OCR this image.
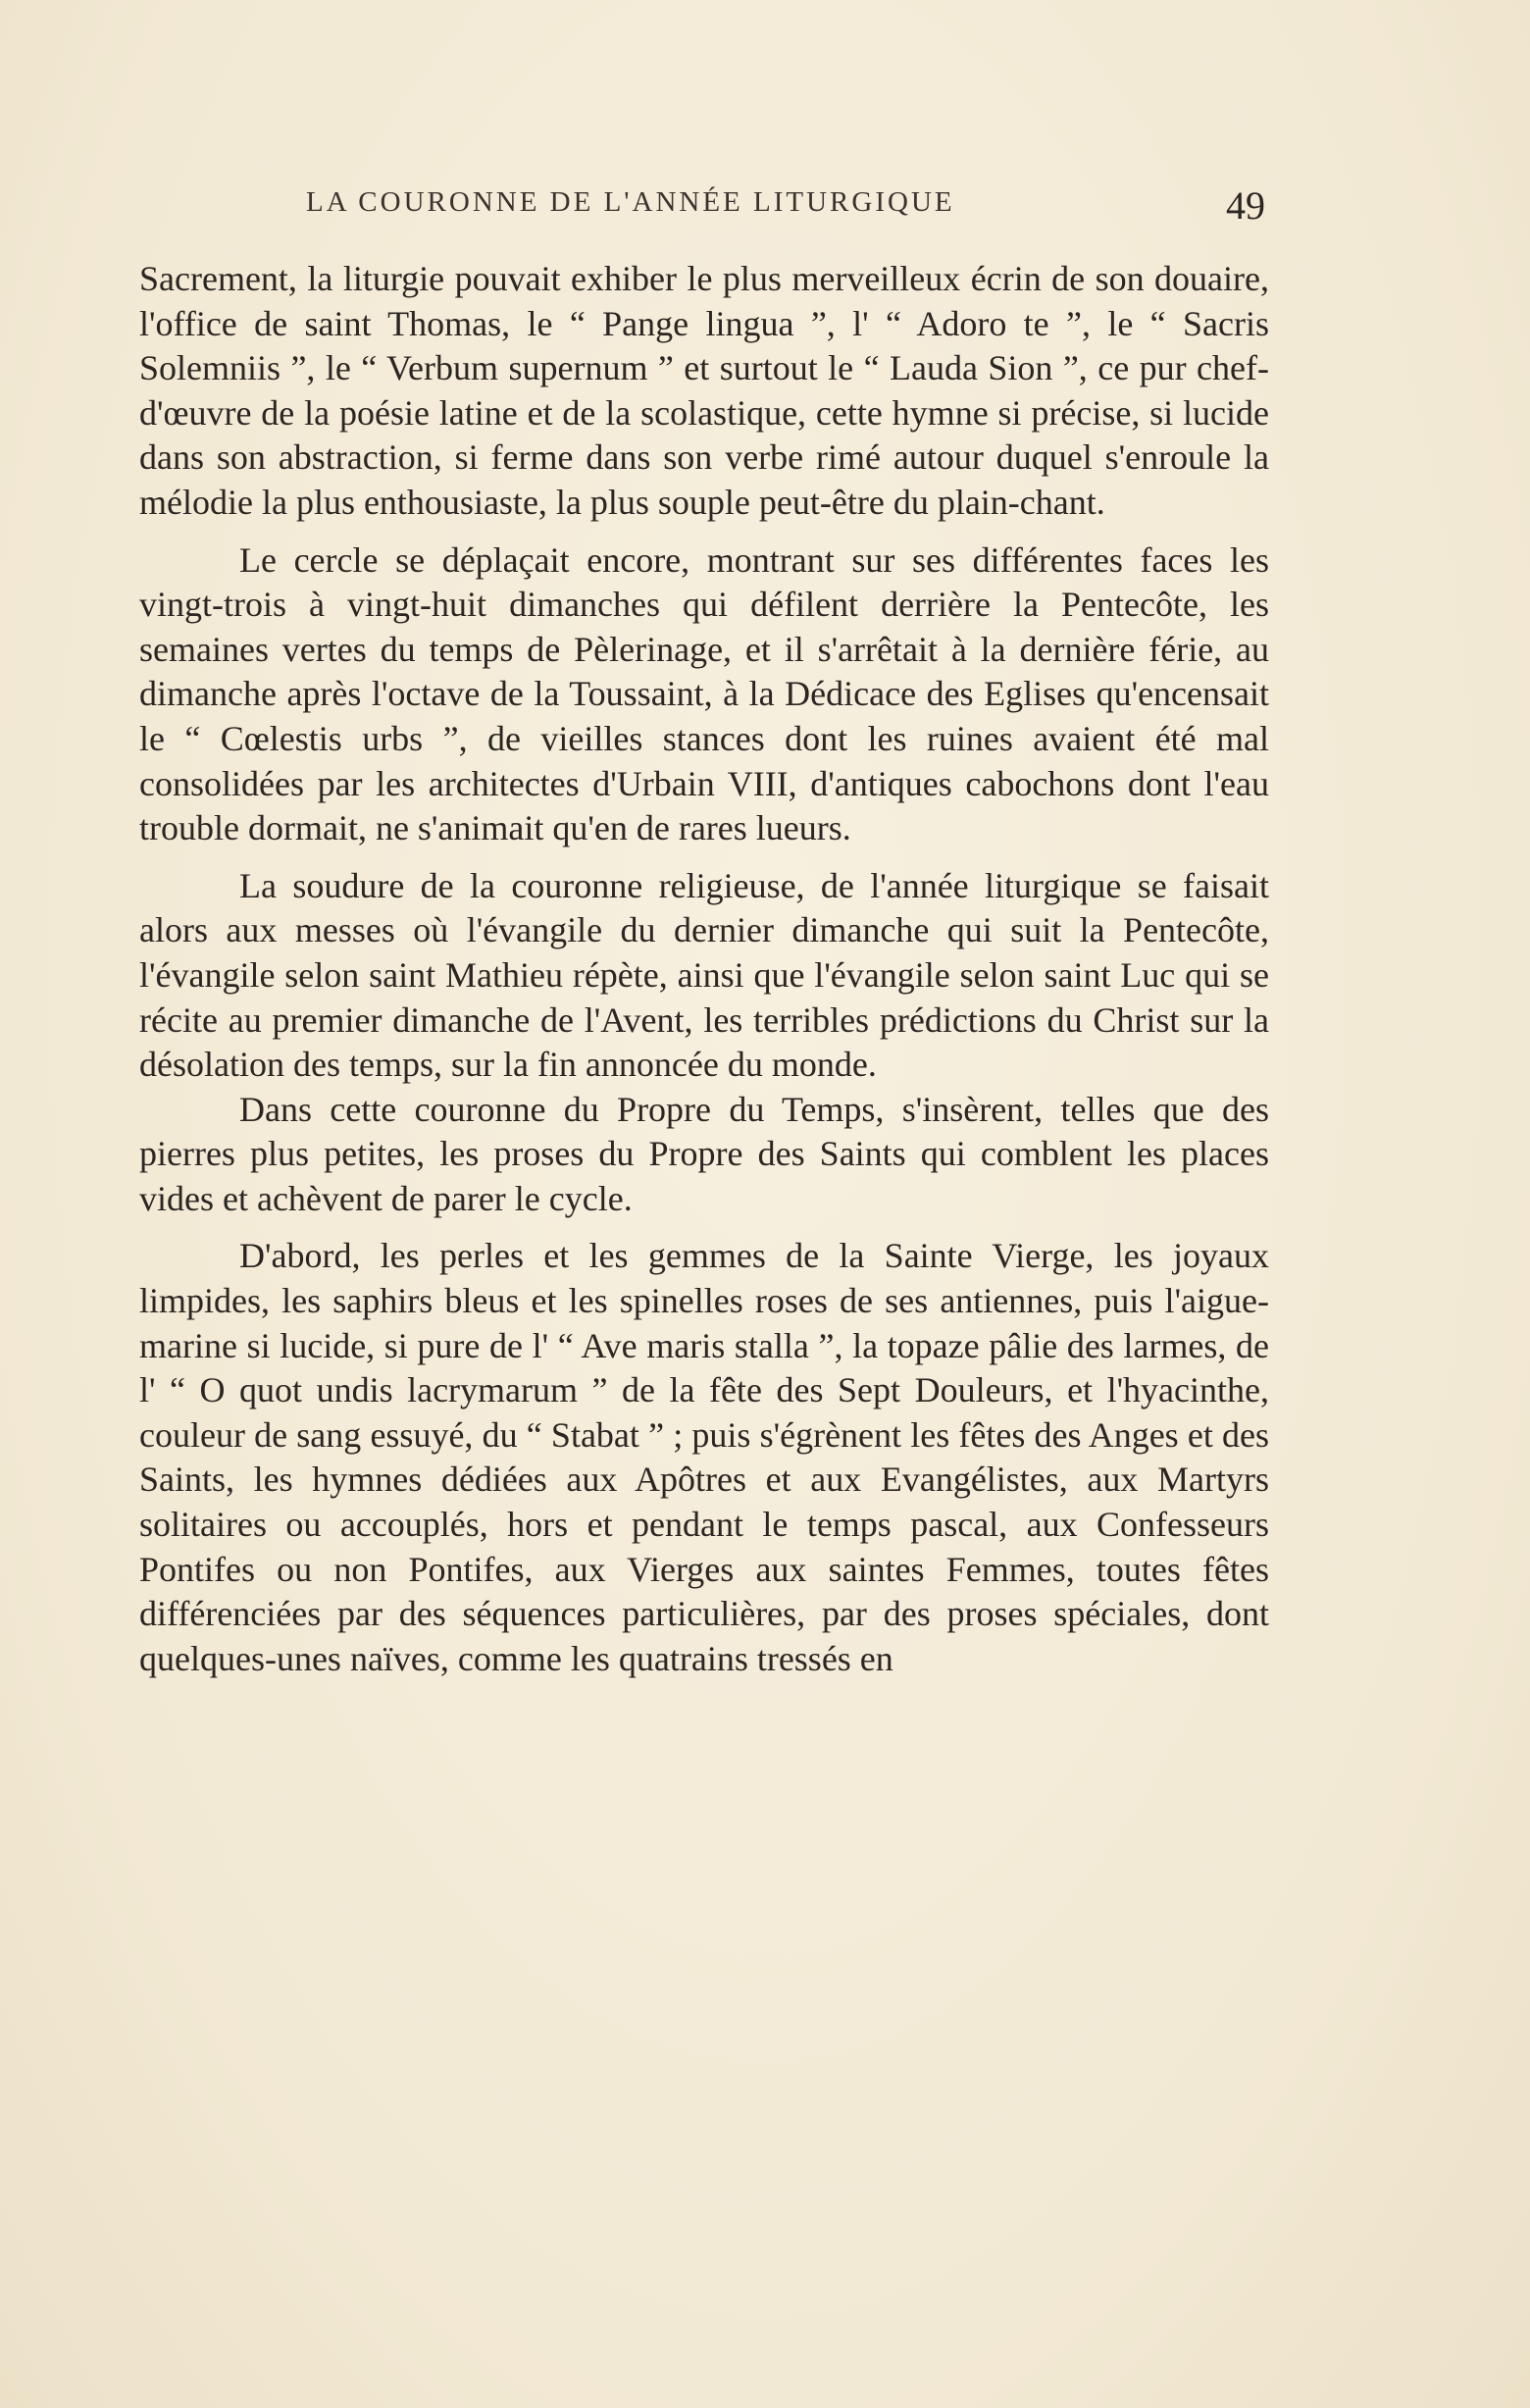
LA COURONNE DE L'ANNÉE LITURGIQUE	49

Sacrement, la liturgie pouvait exhiber le plus merveilleux écrin de son douaire, l'office de saint Thomas, le “ Pange lingua ”, l' “ Adoro te ”, le “ Sacris Solemniis ”, le “ Verbum supernum ” et surtout le “ Lauda Sion ”, ce pur chef-d'œuvre de la poésie latine et de la scolastique, cette hymne si précise, si lucide dans son abstraction, si ferme dans son verbe rimé autour duquel s'enroule la mélodie la plus enthousiaste, la plus souple peut-être du plain-chant.

Le cercle se déplaçait encore, montrant sur ses différentes faces les vingt-trois à vingt-huit dimanches qui défilent derrière la Pentecôte, les semaines vertes du temps de Pèlerinage, et il s'arrêtait à la dernière férie, au dimanche après l'octave de la Toussaint, à la Dédicace des Eglises qu'encensait le “ Cœlestis urbs ”, de vieilles stances dont les ruines avaient été mal consolidées par les architectes d'Urbain VIII, d'antiques cabochons dont l'eau trouble dormait, ne s'animait qu'en de rares lueurs.

La soudure de la couronne religieuse, de l'année liturgique se faisait alors aux messes où l'évangile du dernier dimanche qui suit la Pentecôte, l'évangile selon saint Mathieu répète, ainsi que l'évangile selon saint Luc qui se récite au premier dimanche de l'Avent, les terribles prédictions du Christ sur la désolation des temps, sur la fin annoncée du monde.

Dans cette couronne du Propre du Temps, s'insèrent, telles que des pierres plus petites, les proses du Propre des Saints qui comblent les places vides et achèvent de parer le cycle.

D'abord, les perles et les gemmes de la Sainte Vierge, les joyaux limpides, les saphirs bleus et les spinelles roses de ses antiennes, puis l'aigue-marine si lucide, si pure de l' “ Ave maris stalla ”, la topaze pâlie des larmes, de l' “ O quot undis lacrymarum ” de la fête des Sept Douleurs, et l'hyacinthe, couleur de sang essuyé, du “ Stabat ” ; puis s'égrènent les fêtes des Anges et des Saints, les hymnes dédiées aux Apôtres et aux Evangélistes, aux Martyrs solitaires ou accouplés, hors et pendant le temps pascal, aux Confesseurs Pontifes ou non Pontifes, aux Vierges aux saintes Femmes, toutes fêtes différenciées par des séquences particulières, par des proses spéciales, dont quelques-unes naïves, comme les quatrains tressés en
